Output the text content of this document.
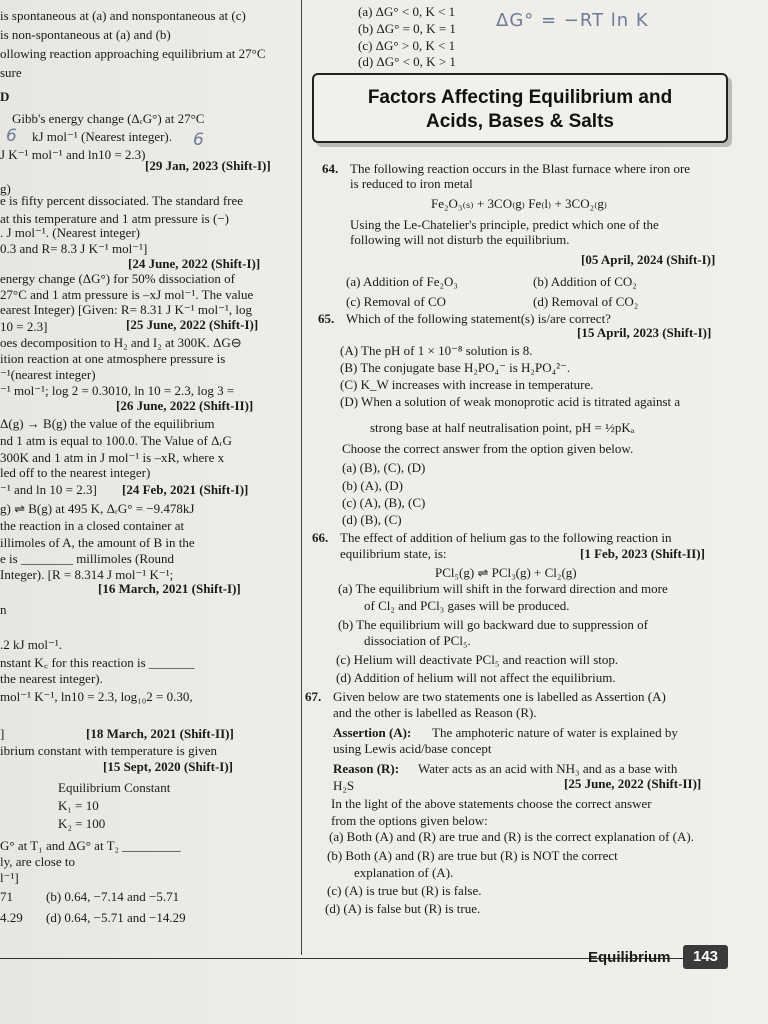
is spontaneous at (a) and nonspontaneous at (c)
is non-spontaneous at (a) and (b)
ollowing reaction approaching equilibrium at 27°C
sure
D
Gibb's energy change (ΔᵣG°) at 27°C
6 kJ mol⁻¹ (Nearest integer). 6
J K⁻¹ mol⁻¹ and ln10 = 2.3)
[29 Jan, 2023 (Shift-I)]
g)
e is fifty percent dissociated. The standard free
at this temperature and 1 atm pressure is (−)
. J mol⁻¹. (Nearest integer)
0.3 and R= 8.3 J K⁻¹ mol⁻¹]
[24 June, 2022 (Shift-I)]
energy change (ΔG°) for 50% dissociation of
27°C and 1 atm pressure is –xJ mol⁻¹. The value
earest Integer) [Given: R= 8.31 J K⁻¹ mol⁻¹, log
10 = 2.3]	[25 June, 2022 (Shift-I)]
oes decomposition to H₂ and I₂ at 300K. ΔG⊖
ition reaction at one atmosphere pressure is
⁻¹(nearest integer)
⁻¹ mol⁻¹; log 2 = 0.3010, ln 10 = 2.3, log 3 =
[26 June, 2022 (Shift-II)]
Δ(g) → B(g) the value of the equilibrium
nd 1 atm is equal to 100.0. The Value of ΔᵣG
300K and 1 atm in J mol⁻¹ is –xR, where x
led off to the nearest integer)
⁻¹ and ln 10 = 2.3] [24 Feb, 2021 (Shift-I)]
g) ⇌ B(g) at 495 K, ΔᵣG° = −9.478kJ
the reaction in a closed container at
illimoles of A, the amount of B in the
e is ________ millimoles (Round
Integer). [R = 8.314 J mol⁻¹ K⁻¹;
[16 March, 2021 (Shift-I)]
n
.2 kJ mol⁻¹.
nstant K꜀ for this reaction is _______
the nearest integer).
mol⁻¹ K⁻¹, ln10 = 2.3, log₁₀2 = 0.30,
]	[18 March, 2021 (Shift-II)]
ibrium constant with temperature is given
[15 Sept, 2020 (Shift-I)]
Equilibrium Constant
K₁ = 10
K₂ = 100
G° at T₁ and ΔG° at T₂ _________
ly, are close to
l⁻¹]
71	(b) 0.64, −7.14 and −5.71
4.29 (d) 0.64, −5.71 and −14.29
(a) ΔG° < 0, K < 1
(b) ΔG° = 0, K = 1
(c) ΔG° > 0, K < 1
(d) ΔG° < 0, K > 1
ΔG° = −RT ln K
Factors Affecting Equilibrium and
Acids, Bases & Salts
64. The following reaction occurs in the Blast furnace where iron ore
is reduced to iron metal
Fe₂O₃₍ₛ₎ + 3CO₍g₎ Fe₍l₎ + 3CO₂₍g₎
Using the Le-Chatelier's principle, predict which one of the
following will not disturb the equilibrium.
[05 April, 2024 (Shift-I)]
(a) Addition of Fe₂O₃	(b) Addition of CO₂
(c) Removal of CO	(d) Removal of CO₂
65. Which of the following statement(s) is/are correct?
[15 April, 2023 (Shift-I)]
(A) The pH of 1 × 10⁻⁸ solution is 8.
(B) The conjugate base H₂PO₄⁻ is H₂PO₄²⁻.
(C) K_W increases with increase in temperature.
(D) When a solution of weak monoprotic acid is titrated against a
strong base at half neutralisation point, pH = ½pKₐ
Choose the correct answer from the option given below.
(a) (B), (C), (D)
(b) (A), (D)
(c) (A), (B), (C)
(d) (B), (C)
66. The effect of addition of helium gas to the following reaction in
equilibrium state, is:	[1 Feb, 2023 (Shift-II)]
PCl₅(g) ⇌ PCl₃(g) + Cl₂(g)
(a) The equilibrium will shift in the forward direction and more
of Cl₂ and PCl₃ gases will be produced.
(b) The equilibrium will go backward due to suppression of
dissociation of PCl₅.
(c) Helium will deactivate PCl₅ and reaction will stop.
(d) Addition of helium will not affect the equilibrium.
67. Given below are two statements one is labelled as Assertion (A)
and the other is labelled as Reason (R).
Assertion (A): The amphoteric nature of water is explained by
using Lewis acid/base concept
Reason (R): Water acts as an acid with NH₃ and as a base with
H₂S	[25 June, 2022 (Shift-II)]
In the light of the above statements choose the correct answer
from the options given below:
(a) Both (A) and (R) are true and (R) is the correct explanation of (A).
(b) Both (A) and (R) are true but (R) is NOT the correct
explanation of (A).
(c) (A) is true but (R) is false.
(d) (A) is false but (R) is true.
Equilibrium	143
